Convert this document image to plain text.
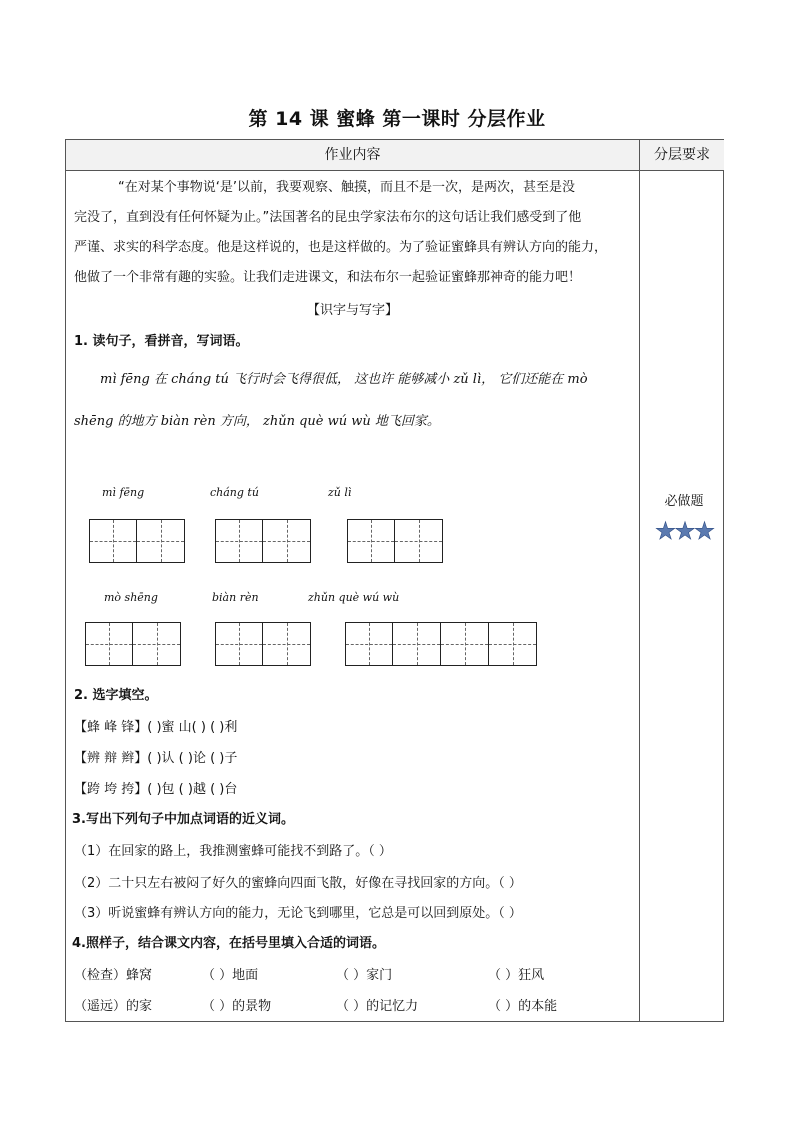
第 14 课 蜜蜂 第一课时 分层作业
作业内容	分层要求
“在对某个事物说‘是’以前，我要观察、触摸，而且不是一次，是两次，甚至是没
完没了，直到没有任何怀疑为止。”法国著名的昆虫学家法布尔的这句话让我们感受到了他
严谨、求实的科学态度。他是这样说的，也是这样做的。为了验证蜜蜂具有辨认方向的能力，
他做了一个非常有趣的实验。让我们走进课文，和法布尔一起验证蜜蜂那神奇的能力吧！
【识字与写字】
1. 读句子，看拼音，写词语。
mì fēng 在 cháng tú 飞行时会飞得很低， 这也许 能够减小 zǔ lì， 它们还能在 mò
shēng 的地方 biàn rèn 方向， zhǔn què wú wù 地飞回家。
mì fēng	cháng tú	zǔ lì
mò shēng	biàn rèn	zhǔn què wú wù
2. 选字填空。
【蜂 峰 锋】( )蜜 山( ) ( )利
【辨 辩 辫】( )认 ( )论 ( )子
【跨 垮 挎】( )包 ( )越 ( )台
3.写出下列句子中加点词语的近义词。
（1）在回家的路上，我推测蜜蜂可能找不到路了。（ ）
（2）二十只左右被闷了好久的蜜蜂向四面飞散，好像在寻找回家的方向。（ ）
（3）听说蜜蜂有辨认方向的能力，无论飞到哪里，它总是可以回到原处。（ ）
4.照样子，结合课文内容，在括号里填入合适的词语。
（检查）蜂窝	（ ）地面	（ ）家门	（ ）狂风
（遥远）的家	（ ）的景物	（ ）的记忆力	（ ）的本能
必做题
★★★
